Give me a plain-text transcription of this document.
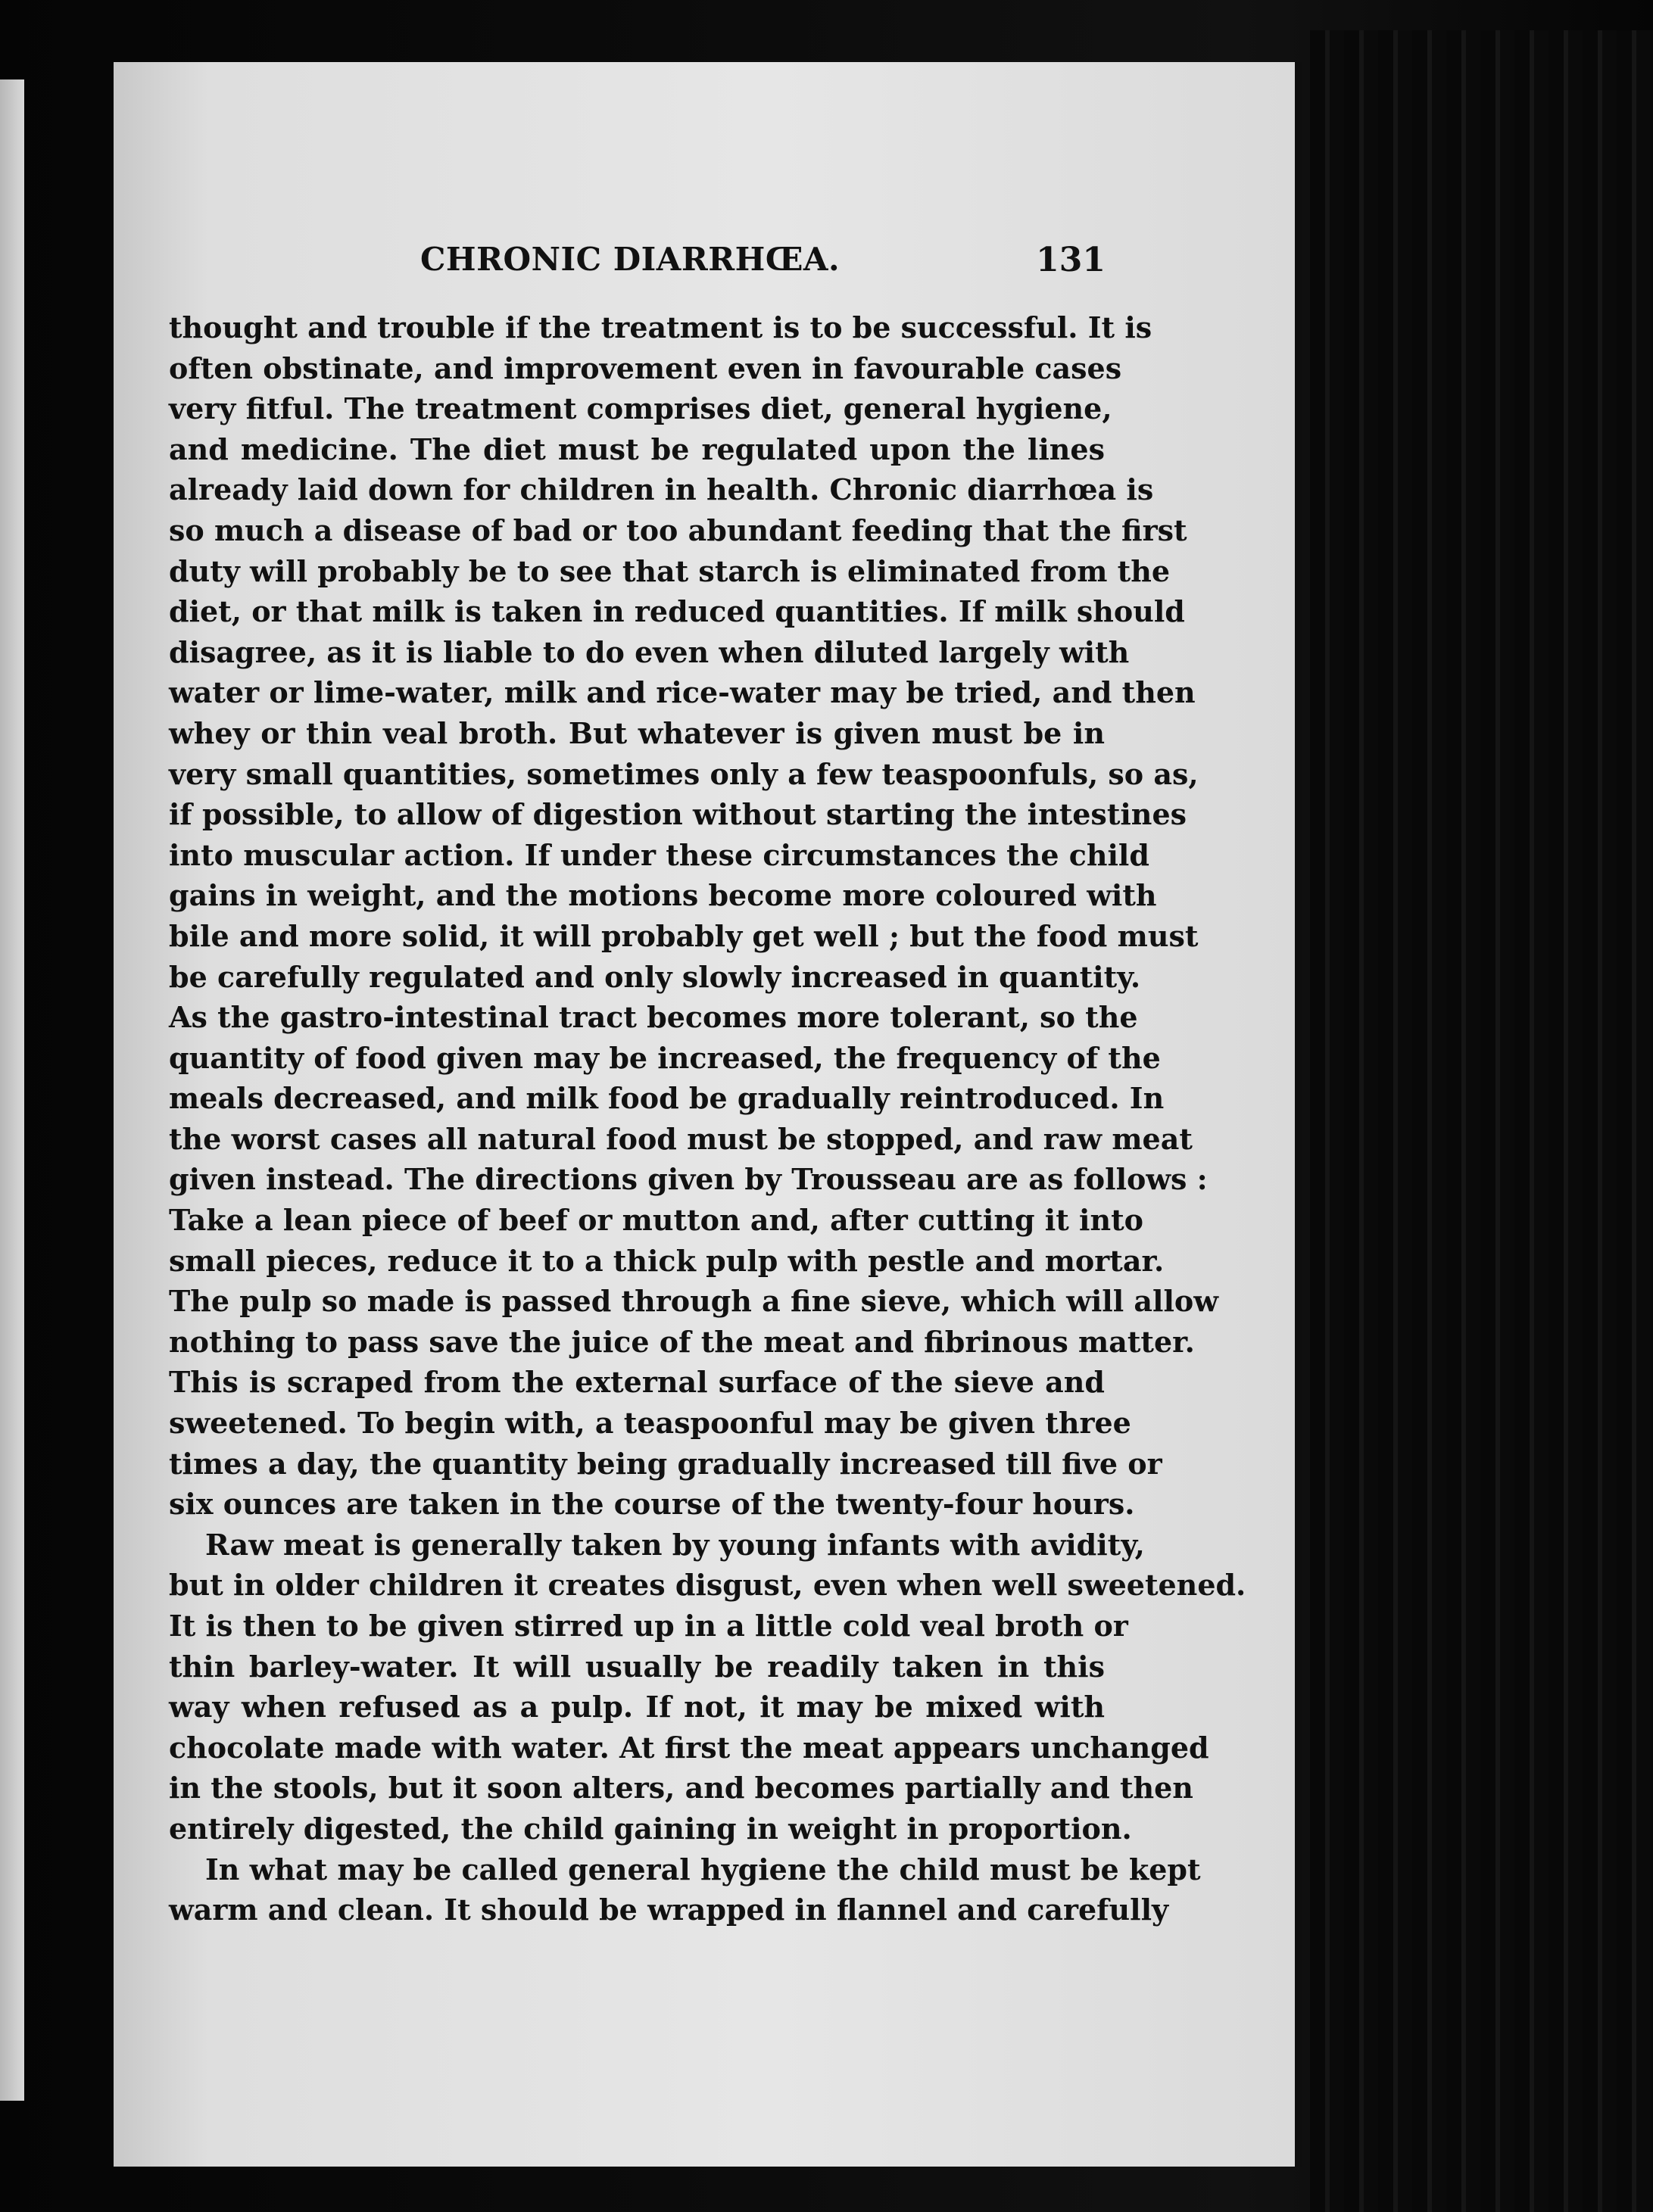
CHRONIC DIARRHŒA.	131
thought and trouble if the treatment is to be successful. It is
often obstinate, and improvement even in favourable cases
very fitful. The treatment comprises diet, general hygiene,
and medicine. The diet must be regulated upon the lines
already laid down for children in health. Chronic diarrhœa is
so much a disease of bad or too abundant feeding that the first
duty will probably be to see that starch is eliminated from the
diet, or that milk is taken in reduced quantities. If milk should
disagree, as it is liable to do even when diluted largely with
water or lime-water, milk and rice-water may be tried, and then
whey or thin veal broth. But whatever is given must be in
very small quantities, sometimes only a few teaspoonfuls, so as,
if possible, to allow of digestion without starting the intestines
into muscular action. If under these circumstances the child
gains in weight, and the motions become more coloured with
bile and more solid, it will probably get well ; but the food must
be carefully regulated and only slowly increased in quantity.
As the gastro-intestinal tract becomes more tolerant, so the
quantity of food given may be increased, the frequency of the
meals decreased, and milk food be gradually reintroduced. In
the worst cases all natural food must be stopped, and raw meat
given instead. The directions given by Trousseau are as follows :
Take a lean piece of beef or mutton and, after cutting it into
small pieces, reduce it to a thick pulp with pestle and mortar.
The pulp so made is passed through a fine sieve, which will allow
nothing to pass save the juice of the meat and fibrinous matter.
This is scraped from the external surface of the sieve and
sweetened. To begin with, a teaspoonful may be given three
times a day, the quantity being gradually increased till five or
six ounces are taken in the course of the twenty-four hours.
Raw meat is generally taken by young infants with avidity,
but in older children it creates disgust, even when well sweetened.
It is then to be given stirred up in a little cold veal broth or
thin barley-water. It will usually be readily taken in this
way when refused as a pulp. If not, it may be mixed with
chocolate made with water. At first the meat appears unchanged
in the stools, but it soon alters, and becomes partially and then
entirely digested, the child gaining in weight in proportion.
In what may be called general hygiene the child must be kept
warm and clean. It should be wrapped in flannel and carefully
